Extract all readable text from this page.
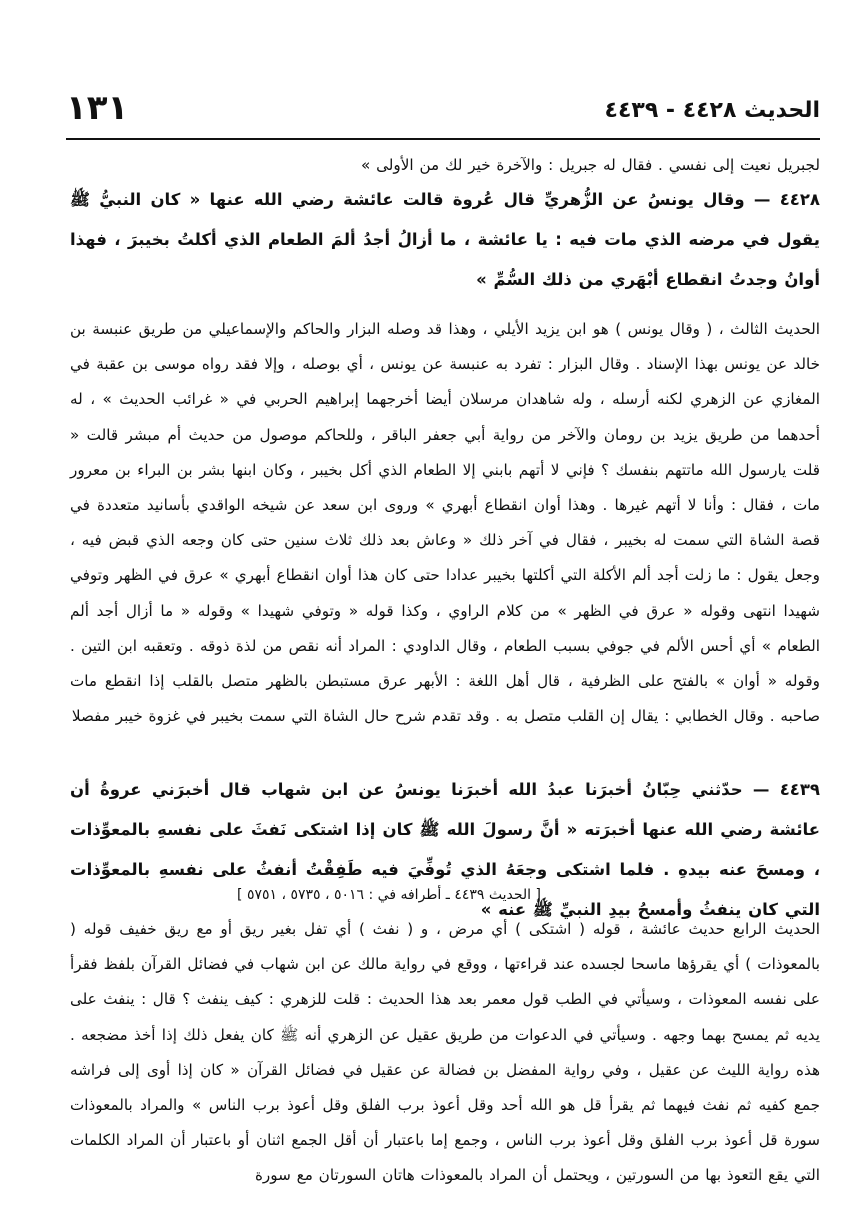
الحديث ٤٤٢٨ - ٤٤٣٩
١٣١
لجبريل نعيت إلى نفسي . فقال له جبريل : والآخرة خير لك من الأولى »
٤٤٢٨ — وقال يونسُ عن الزُّهريِّ قال عُروة قالت عائشة رضي الله عنها « كان النبيُّ ﷺ يقول في مرضه الذي مات فيه : يا عائشة ، ما أزالُ أجدُ ألمَ الطعام الذي أكلتُ بخيبرَ ، فهذا أوانُ وجدتُ انقطاع أبْهَري من ذلك السُّمِّ »
الحديث الثالث ، ( وقال يونس ) هو ابن يزيد الأيلي ، وهذا قد وصله البزار والحاكم والإسماعيلي من طريق عنبسة بن خالد عن يونس بهذا الإسناد . وقال البزار : تفرد به عنبسة عن يونس ، أي بوصله ، وإلا فقد رواه موسى بن عقبة في المغازي عن الزهري لكنه أرسله ، وله شاهدان مرسلان أيضا أخرجهما إبراهيم الحربي في « غرائب الحديث » ، له أحدهما من طريق يزيد بن رومان والآخر من رواية أبي جعفر الباقر ، وللحاكم موصول من حديث أم مبشر قالت « قلت يارسول الله ماتتهم بنفسك ؟ فإني لا أتهم بابني إلا الطعام الذي أكل بخيبر ، وكان ابنها بشر بن البراء بن معرور مات ، فقال : وأنا لا أتهم غيرها . وهذا أوان انقطاع أبهري » وروى ابن سعد عن شيخه الواقدي بأسانيد متعددة في قصة الشاة التي سمت له بخيبر ، فقال في آخر ذلك « وعاش بعد ذلك ثلاث سنين حتى كان وجعه الذي قبض فيه ، وجعل يقول : ما زلت أجد ألم الأكلة التي أكلتها بخيبر عدادا حتى كان هذا أوان انقطاع أبهري » عرق في الظهر وتوفي شهيدا انتهى وقوله « عرق في الظهر » من كلام الراوي ، وكذا قوله « وتوفي شهيدا » وقوله « ما أزال أجد ألم الطعام » أي أحس الألم في جوفي بسبب الطعام ، وقال الداودي : المراد أنه نقص من لذة ذوقه . وتعقبه ابن التين . وقوله « أوان » بالفتح على الظرفية ، قال أهل اللغة : الأبهر عرق مستبطن بالظهر متصل بالقلب إذا انقطع مات صاحبه . وقال الخطابي : يقال إن القلب متصل به . وقد تقدم شرح حال الشاة التي سمت بخيبر في غزوة خيبر مفصلا
٤٤٣٩ — حدّثني حِبّانُ أخبرَنا عبدُ الله أخبرَنا يونسُ عن ابن شهاب قال أخبرَني عروةُ أن عائشة رضي الله عنها أخبرَته « أنَّ رسولَ الله ﷺ كان إذا اشتكى نَفثَ على نفسهِ بالمعوِّذات ، ومسحَ عنه بيدهِ . فلما اشتكى وجعَهُ الذي تُوفِّيَ فيه طَفِقْتُ أنفثُ على نفسهِ بالمعوِّذات التي كان ينفثُ وأمسحُ بيدِ النبيِّ ﷺ عنه »
[ الحديث ٤٤٣٩ ـ أطرافه في : ٥٠١٦ ، ٥٧٣٥ ، ٥٧٥١ ]
الحديث الرابع حديث عائشة ، قوله ( اشتكى ) أي مرض ، و ( نفث ) أي تفل بغير ريق أو مع ريق خفيف قوله ( بالمعوذات ) أي يقرؤها ماسحا لجسده عند قراءتها ، ووقع في رواية مالك عن ابن شهاب في فضائل القرآن بلفظ فقرأ على نفسه المعوذات ، وسيأتي في الطب قول معمر بعد هذا الحديث : قلت للزهري : كيف ينفث ؟ قال : ينفث على يديه ثم يمسح بهما وجهه . وسيأتي في الدعوات من طريق عقيل عن الزهري أنه ﷺ كان يفعل ذلك إذا أخذ مضجعه . هذه رواية الليث عن عقيل ، وفي رواية المفضل بن فضالة عن عقيل في فضائل القرآن « كان إذا أوى إلى فراشه جمع كفيه ثم نفث فيهما ثم يقرأ قل هو الله أحد وقل أعوذ برب الفلق وقل أعوذ برب الناس » والمراد بالمعوذات سورة قل أعوذ برب الفلق وقل أعوذ برب الناس ، وجمع إما باعتبار أن أقل الجمع اثنان أو باعتبار أن المراد الكلمات التي يقع التعوذ بها من السورتين ، ويحتمل أن المراد بالمعوذات هاتان السورتان مع سورة
